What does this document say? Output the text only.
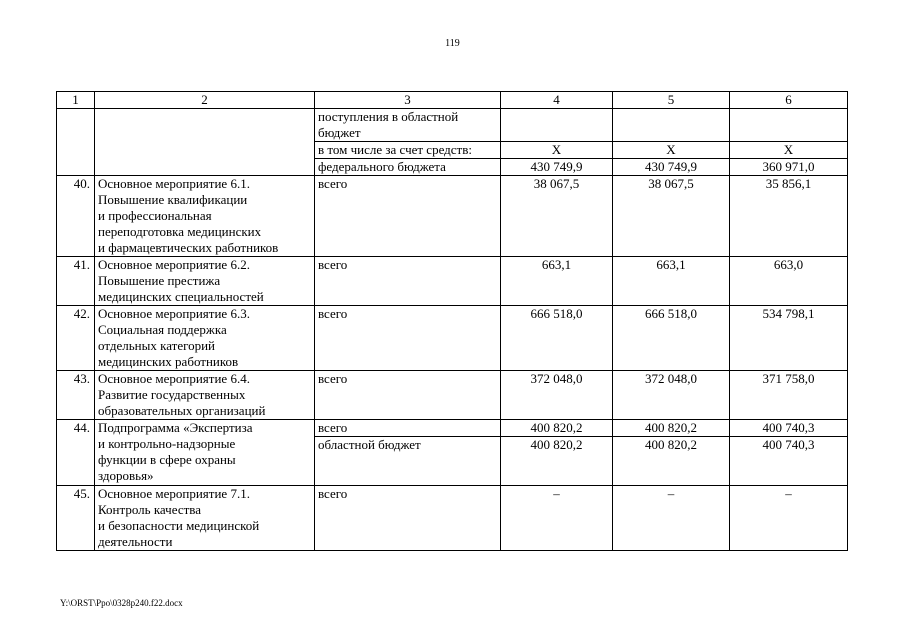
119
1	2	3	4	5	6

		поступления в областной
бюджет			

		в том числе за счет средств:	Х	Х	Х
		федерального бюджета	430 749,9	430 749,9	360 971,0
40.	Основное мероприятие 6.1.
Повышение квалификации
и профессиональная
переподготовка медицинских
и фармацевтических работников	всего	38 067,5	38 067,5	35 856,1
41.	Основное мероприятие 6.2.
Повышение престижа
медицинских специальностей	всего	663,1	663,1	663,0
42.	Основное мероприятие 6.3.
Социальная поддержка
отдельных категорий
медицинских работников	всего	666 518,0	666 518,0	534 798,1
43.	Основное мероприятие 6.4.
Развитие государственных
образовательных организаций	всего	372 048,0	372 048,0	371 758,0
44.	Подпрограмма «Экспертиза
и контрольно-надзорные
функции в сфере охраны
здоровья»	всего	400 820,2	400 820,2	400 740,3
		областной бюджет	400 820,2	400 820,2	400 740,3
45.	Основное мероприятие 7.1.
Контроль качества
и безопасности медицинской
деятельности	всего	–	–	–
Y:\ORST\Ppo\0328p240.f22.docx
